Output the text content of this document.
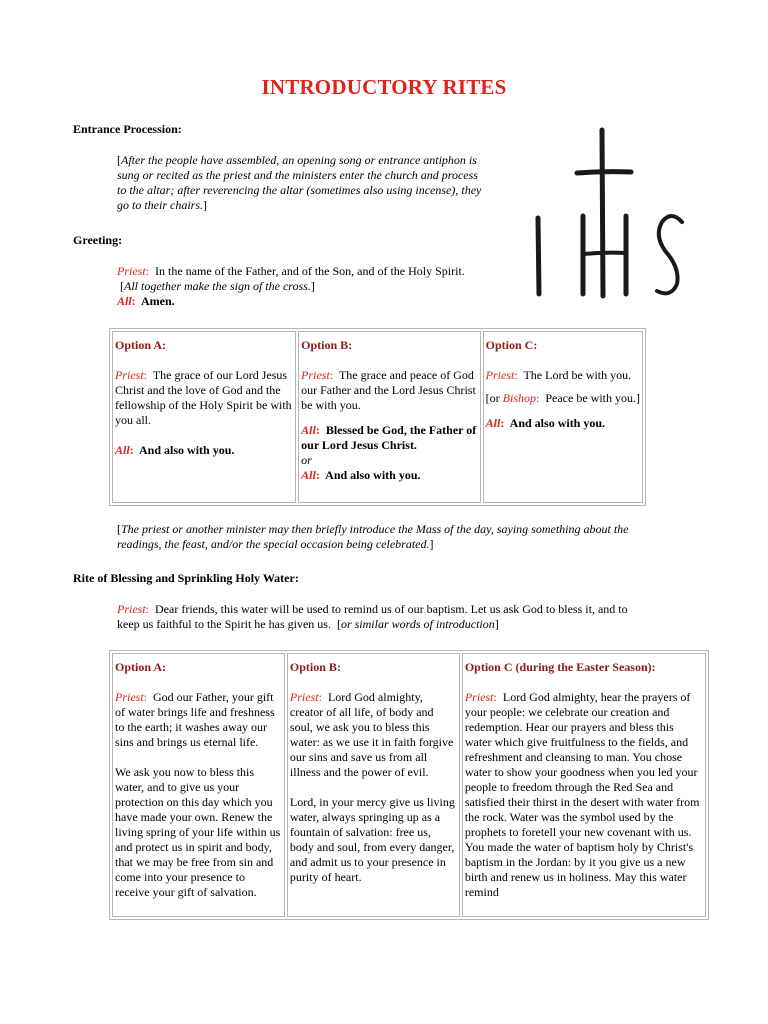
INTRODUCTORY RITES
Entrance Procession:
[After the people have assembled, an opening song or entrance antiphon is sung or recited as the priest and the ministers enter the church and process to the altar; after reverencing the altar (sometimes also using incense), they go to their chairs.]
Greeting:
Priest: In the name of the Father, and of the Son, and of the Holy Spirit.
[All together make the sign of the cross.]
All: Amen.
Option A:
Priest: The grace of our Lord Jesus Christ and the love of God and the fellowship of the Holy Spirit be with you all.
All: And also with you.	
Option B:
Priest: The grace and peace of God our Father and the Lord Jesus Christ be with you.
All: Blessed be God, the Father of our Lord Jesus Christ.
or
All: And also with you.	
Option C:
Priest: The Lord be with you.
[or Bishop: Peace be with you.]
All: And also with you.
[The priest or another minister may then briefly introduce the Mass of the day, saying something about the readings, the feast, and/or the special occasion being celebrated.]
Rite of Blessing and Sprinkling Holy Water:
Priest: Dear friends, this water will be used to remind us of our baptism. Let us ask God to bless it, and to keep us faithful to the Spirit he has given us.  [or similar words of introduction]
Option A:
Priest: God our Father, your gift of water brings life and freshness to the earth; it washes away our sins and brings us eternal life.
We ask you now to bless this water, and to give us your protection on this day which you have made your own. Renew the living spring of your life within us and protect us in spirit and body, that we may be free from sin and come into your presence to receive your gift of salvation.	
Option B:
Priest: Lord God almighty, creator of all life, of body and soul, we ask you to bless this water: as we use it in faith forgive our sins and save us from all illness and the power of evil.
Lord, in your mercy give us living water, always springing up as a fountain of salvation: free us, body and soul, from every danger, and admit us to your presence in purity of heart.	
Option C (during the Easter Season):
Priest: Lord God almighty, hear the prayers of your people: we celebrate our creation and redemption. Hear our prayers and bless this water which give fruitfulness to the fields, and refreshment and cleansing to man. You chose water to show your goodness when you led your people to freedom through the Red Sea and satisfied their thirst in the desert with water from the rock. Water was the symbol used by the prophets to foretell your new covenant with us. You made the water of baptism holy by Christ's baptism in the Jordan: by it you give us a new birth and renew us in holiness. May this water remind
